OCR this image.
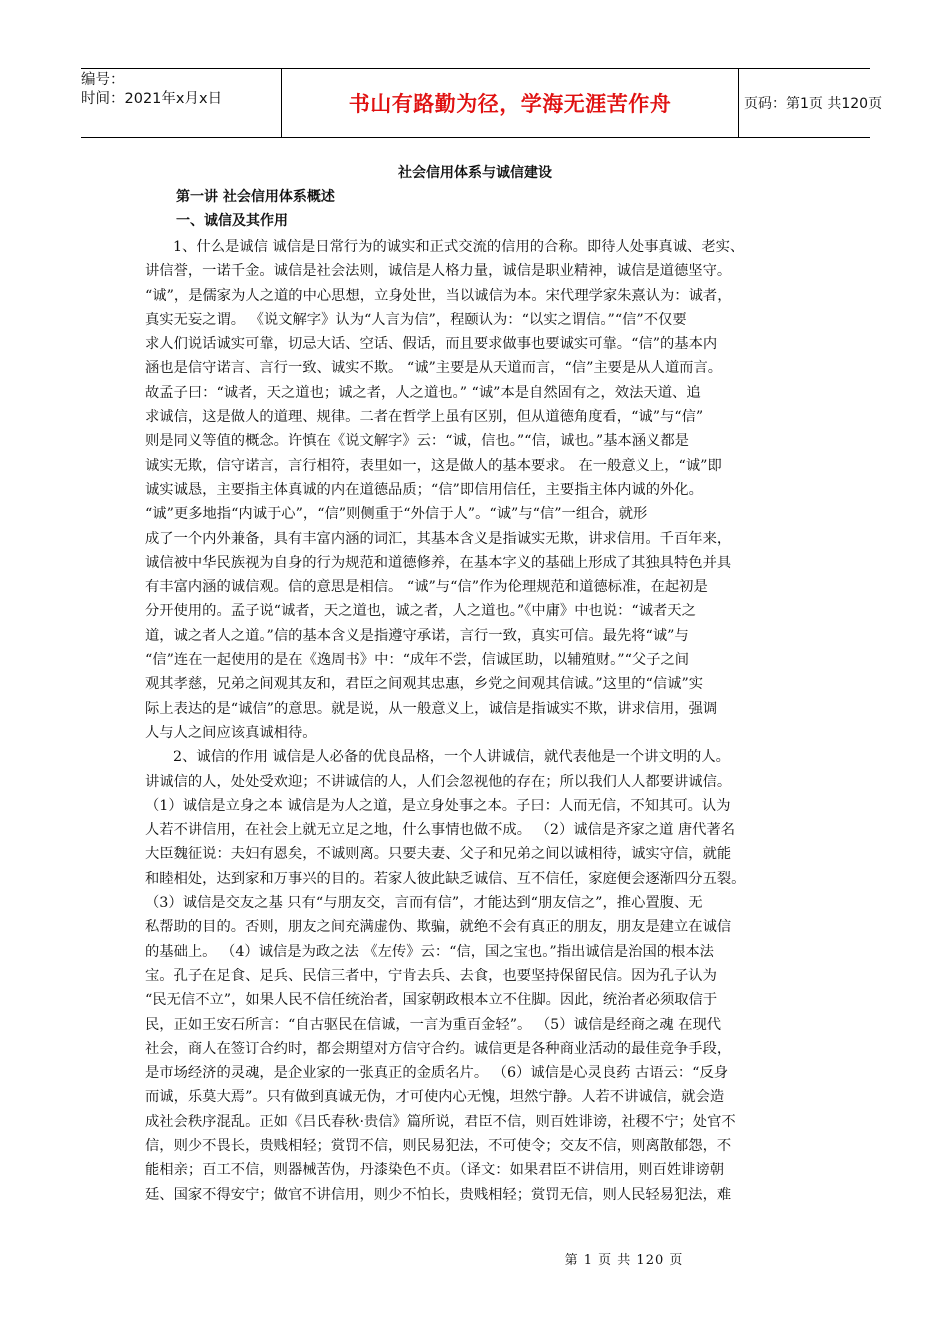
编号：
时间：2021年x月x日	书山有路勤为径，学海无涯苦作舟	页码：第1页 共120页
社会信用体系与诚信建设
第一讲 社会信用体系概述
一、诚信及其作用
1、什么是诚信 诚信是日常行为的诚实和正式交流的信用的合称。即待人处事真诚、老实、
讲信誉，一诺千金。诚信是社会法则，诚信是人格力量，诚信是职业精神，诚信是道德坚守。
“诚”，是儒家为人之道的中心思想，立身处世，当以诚信为本。宋代理学家朱熹认为：诚者，
真实无妄之谓。 《说文解字》认为“人言为信”，程颐认为：“以实之谓信。”“信”不仅要
求人们说话诚实可靠，切忌大话、空话、假话，而且要求做事也要诚实可靠。“信”的基本内
涵也是信守诺言、言行一致、诚实不欺。 “诚”主要是从天道而言，“信”主要是从人道而言。
故孟子曰：“诚者，天之道也；诚之者，人之道也。” “诚”本是自然固有之，效法天道、追
求诚信，这是做人的道理、规律。二者在哲学上虽有区别，但从道德角度看，“诚”与“信”
则是同义等值的概念。许慎在《说文解字》云：“诚，信也。”“信，诚也。”基本涵义都是
诚实无欺，信守诺言，言行相符，表里如一，这是做人的基本要求。 在一般意义上，“诚”即
诚实诚恳，主要指主体真诚的内在道德品质；“信”即信用信任，主要指主体内诚的外化。
“诚”更多地指“内诚于心”，“信”则侧重于“外信于人”。“诚”与“信”一组合，就形
成了一个内外兼备，具有丰富内涵的词汇，其基本含义是指诚实无欺，讲求信用。千百年来，
诚信被中华民族视为自身的行为规范和道德修养，在基本字义的基础上形成了其独具特色并具
有丰富内涵的诚信观。信的意思是相信。 “诚”与“信”作为伦理规范和道德标准，在起初是
分开使用的。孟子说“诚者，天之道也，诚之者，人之道也。”《中庸》中也说：“诚者天之
道，诚之者人之道。”信的基本含义是指遵守承诺，言行一致，真实可信。最先将“诚”与
“信”连在一起使用的是在《逸周书》中：“成年不尝，信诚匡助，以辅殖财。”“父子之间
观其孝慈，兄弟之间观其友和，君臣之间观其忠惠，乡党之间观其信诚。”这里的“信诚”实
际上表达的是“诚信”的意思。就是说，从一般意义上，诚信是指诚实不欺，讲求信用，强调
人与人之间应该真诚相待。
2、诚信的作用 诚信是人必备的优良品格，一个人讲诚信，就代表他是一个讲文明的人。
讲诚信的人，处处受欢迎；不讲诚信的人，人们会忽视他的存在；所以我们人人都要讲诚信。
（1）诚信是立身之本 诚信是为人之道，是立身处事之本。子曰：人而无信，不知其可。认为
人若不讲信用，在社会上就无立足之地，什么事情也做不成。 （2）诚信是齐家之道 唐代著名
大臣魏征说：夫妇有恩矣，不诚则离。只要夫妻、父子和兄弟之间以诚相待，诚实守信，就能
和睦相处，达到家和万事兴的目的。若家人彼此缺乏诚信、互不信任，家庭便会逐渐四分五裂。
（3）诚信是交友之基 只有“与朋友交，言而有信”，才能达到“朋友信之”，推心置腹、无
私帮助的目的。否则，朋友之间充满虚伪、欺骗，就绝不会有真正的朋友，朋友是建立在诚信
的基础上。 （4）诚信是为政之法 《左传》云：“信，国之宝也。”指出诚信是治国的根本法
宝。孔子在足食、足兵、民信三者中，宁肯去兵、去食，也要坚持保留民信。因为孔子认为
“民无信不立”，如果人民不信任统治者，国家朝政根本立不住脚。因此，统治者必须取信于
民，正如王安石所言：“自古驱民在信诚，一言为重百金轻”。 （5）诚信是经商之魂 在现代
社会，商人在签订合约时，都会期望对方信守合约。诚信更是各种商业活动的最佳竞争手段，
是市场经济的灵魂，是企业家的一张真正的金质名片。 （6）诚信是心灵良药 古语云：“反身
而诚，乐莫大焉”。只有做到真诚无伪，才可使内心无愧，坦然宁静。人若不讲诚信，就会造
成社会秩序混乱。正如《吕氏春秋·贵信》篇所说，君臣不信，则百姓诽谤，社稷不宁；处官不
信，则少不畏长，贵贱相轻；赏罚不信，则民易犯法，不可使令；交友不信，则离散郁怨，不
能相亲；百工不信，则器械苦伪，丹漆染色不贞。（译文：如果君臣不讲信用，则百姓诽谤朝
廷、国家不得安宁；做官不讲信用，则少不怕长，贵贱相轻；赏罚无信，则人民轻易犯法，难
第 1 页 共 120 页
